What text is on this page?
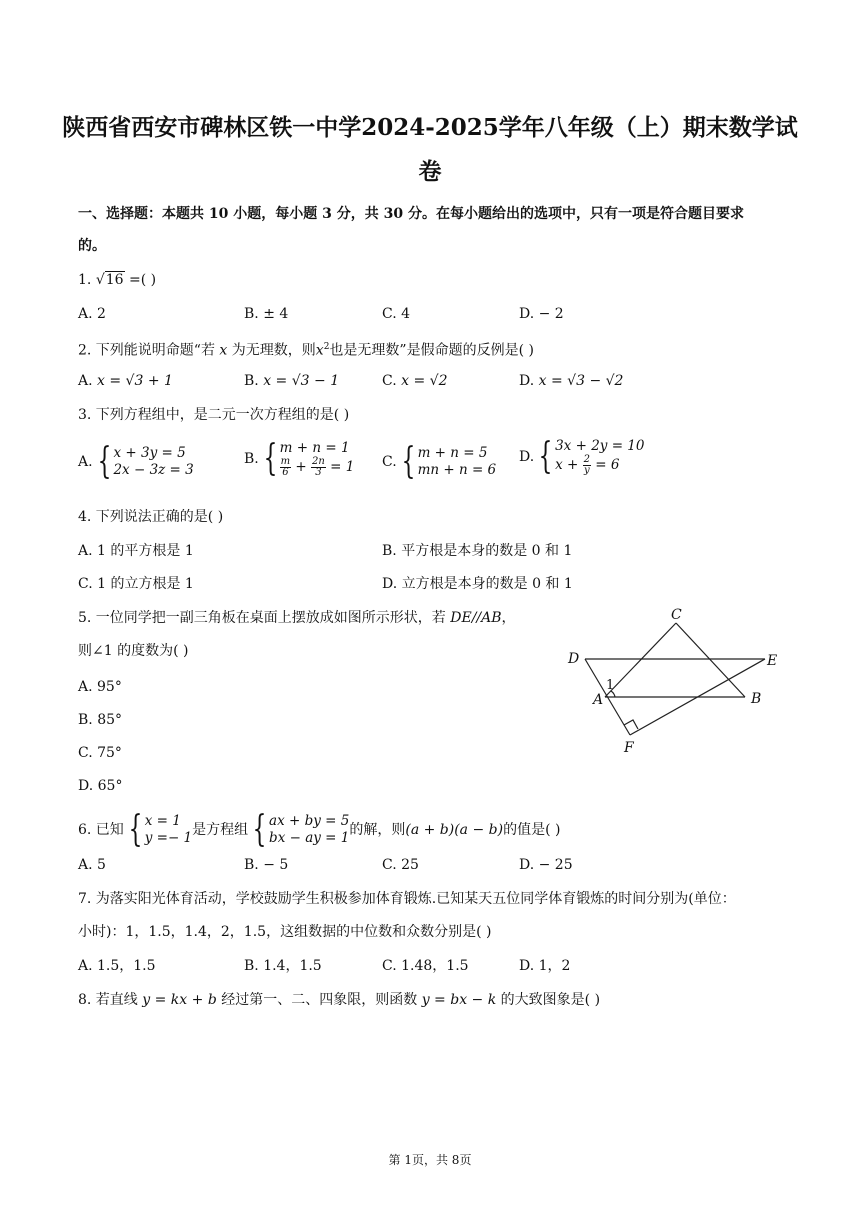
陕西省西安市碑林区铁一中学2024-2025学年八年级（上）期末数学试
卷
一、选择题：本题共 10 小题，每小题 3 分，共 30 分。在每小题给出的选项中，只有一项是符合题目要求
的。
1. √16 =( )
A. 2	B. ± 4	C. 4	D. − 2
2. 下列能说明命题“若 x 为无理数，则$x^2$也是无理数”是假命题的反例是( )
A. x = √3 + 1	B. x = √3 − 1	C. x = √2	D. x = √3 − √2
3. 下列方程组中，是二元一次方程组的是( )
A. { x + 3y = 5
2x − 3z = 3
B. { m + n = 1
$\frac{m}{6} + \frac{2n}{3} = 1$ C. { m + n = 5
mn + n = 6
D. { 3x + 2y = 10
$x + \frac{2}{y} = 6$
4. 下列说法正确的是( )
A. 1 的平方根是 1	B. 平方根是本身的数是 0 和 1
C. 1 的立方根是 1	D. 立方根是本身的数是 0 和 1
5. 一位同学把一副三角板在桌面上摆放成如图所示形状，若 DE//AB，
则∠1 的度数为( )
A. 95°
B. 85°
C. 75°
D. 65°
C
D	E
A	B
F
1
6. 已知 { x = 1
y =− 1 是方程组 { ax + by = 5
bx − ay = 1 的解，则(a + b)(a − b)的值是( )
A. 5	B. − 5	C. 25	D. − 25
7. 为落实阳光体育活动，学校鼓励学生积极参加体育锻炼.已知某天五位同学体育锻炼的时间分别为(单位：
小时)：1，1.5，1.4，2，1.5，这组数据的中位数和众数分别是( )
A. 1.5，1.5	B. 1.4，1.5	C. 1.48，1.5	D. 1，2
8. 若直线 y = kx + b 经过第一、二、四象限，则函数 y = bx − k 的大致图象是( )
第 1页，共 8页
